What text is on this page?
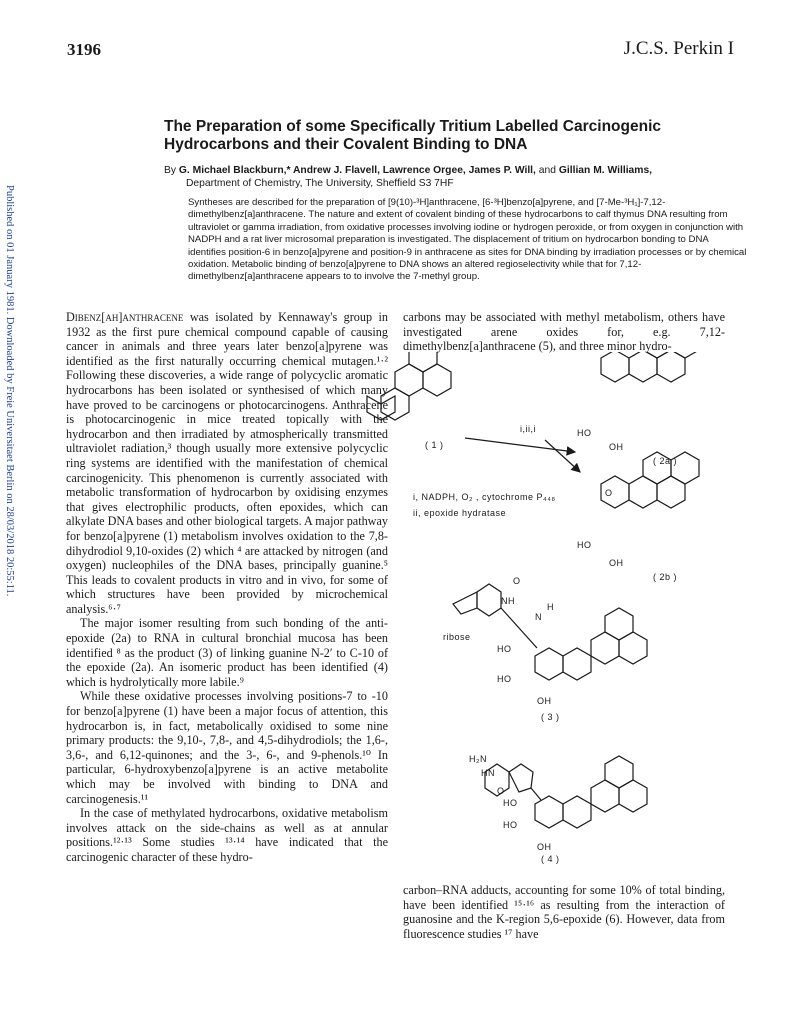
3196	J.C.S. Perkin I
Published on 01 January 1981. Downloaded by Freie Universitaet Berlin on 28/03/2018 20:55:11.
The Preparation of some Specifically Tritium Labelled Carcinogenic Hydrocarbons and their Covalent Binding to DNA
By G. Michael Blackburn,* Andrew J. Flavell, Lawrence Orgee, James P. Will, and Gillian M. Williams,
Department of Chemistry, The University, Sheffield S3 7HF
Syntheses are described for the preparation of [9(10)-³H]anthracene, [6-³H]benzo[a]pyrene, and [7-Me-³H₁]-7,12-dimethylbenz[a]anthracene. The nature and extent of covalent binding of these hydrocarbons to calf thymus DNA resulting from ultraviolet or gamma irradiation, from oxidative processes involving iodine or hydrogen peroxide, or from oxygen in conjunction with NADPH and a rat liver microsomal preparation is investigated. The displacement of tritium on hydrocarbon bonding to DNA identifies position-6 in benzo[a]pyrene and position-9 in anthracene as sites for DNA binding by irradiation processes or by chemical oxidation. Metabolic binding of benzo[a]pyrene to DNA shows an altered regioselectivity while that for 7,12-dimethylbenz[a]anthracene appears to to involve the 7-methyl group.

Dibenz[ah]anthracene was isolated by Kennaway's group in 1932 as the first pure chemical compound capable of causing cancer in animals and three years later benzo[a]pyrene was identified as the first naturally occurring chemical mutagen.¹·² Following these discoveries, a wide range of polycyclic aromatic hydrocarbons has been isolated or synthesised of which many have proved to be carcinogens or photocarcinogens. Anthracene is photocarcinogenic in mice treated topically with the hydrocarbon and then irradiated by atmospherically transmitted ultraviolet radiation,³ though usually more extensive polycyclic ring systems are identified with the manifestation of chemical carcinogenicity. This phenomenon is currently associated with metabolic transformation of hydrocarbon by oxidising enzymes that gives electrophilic products, often epoxides, which can alkylate DNA bases and other biological targets. A major pathway for benzo[a]pyrene (1) metabolism involves oxidation to the 7,8-dihydrodiol 9,10-oxides (2) which ⁴ are attacked by nitrogen (and oxygen) nucleophiles of the DNA bases, principally guanine.⁵ This leads to covalent products in vitro and in vivo, for some of which structures have been provided by microchemical analysis.⁶·⁷

The major isomer resulting from such bonding of the anti-epoxide (2a) to RNA in cultural bronchial mucosa has been identified ⁸ as the product (3) of linking guanine N-2′ to C-10 of the epoxide (2a). An isomeric product has been identified (4) which is hydrolytically more labile.⁹

While these oxidative processes involving positions-7 to -10 for benzo[a]pyrene (1) have been a major focus of attention, this hydrocarbon is, in fact, metabolically oxidised to some nine primary products: the 9,10-, 7,8-, and 4,5-dihydrodiols; the 1,6-, 3,6-, and 6,12-quinones; and the 3-, 6-, and 9-phenols.¹⁰ In particular, 6-hydroxybenzo[a]pyrene is an active metabolite which may be involved with binding to DNA and carcinogenesis.¹¹

In the case of methylated hydrocarbons, oxidative metabolism involves attack on the side-chains as well as at annular positions.¹²·¹³ Some studies ¹³·¹⁴ have indicated that the carcinogenic character of these hydro-

carbons may be associated with methyl metabolism, others have investigated arene oxides for, e.g. 7,12-dimethylbenz[a]anthracene (5), and three minor hydro-

carbon–RNA adducts, accounting for some 10% of total binding, have been identified ¹⁵·¹⁶ as resulting from the interaction of guanosine and the K-region 5,6-epoxide (6). However, data from fluorescence studies ¹⁷ have

( 1 )
( 2a )
( 2b )
( 3 )
( 4 )
i,ii,i
i, NADPH, O₂ , cytochrome P₄₄₈
ii, epoxide hydratase
HO
OH
HO
OH
O
O
NH
N
H
ribose
HO
HO
OH
H₂N
HN
O
HO
HO
OH
